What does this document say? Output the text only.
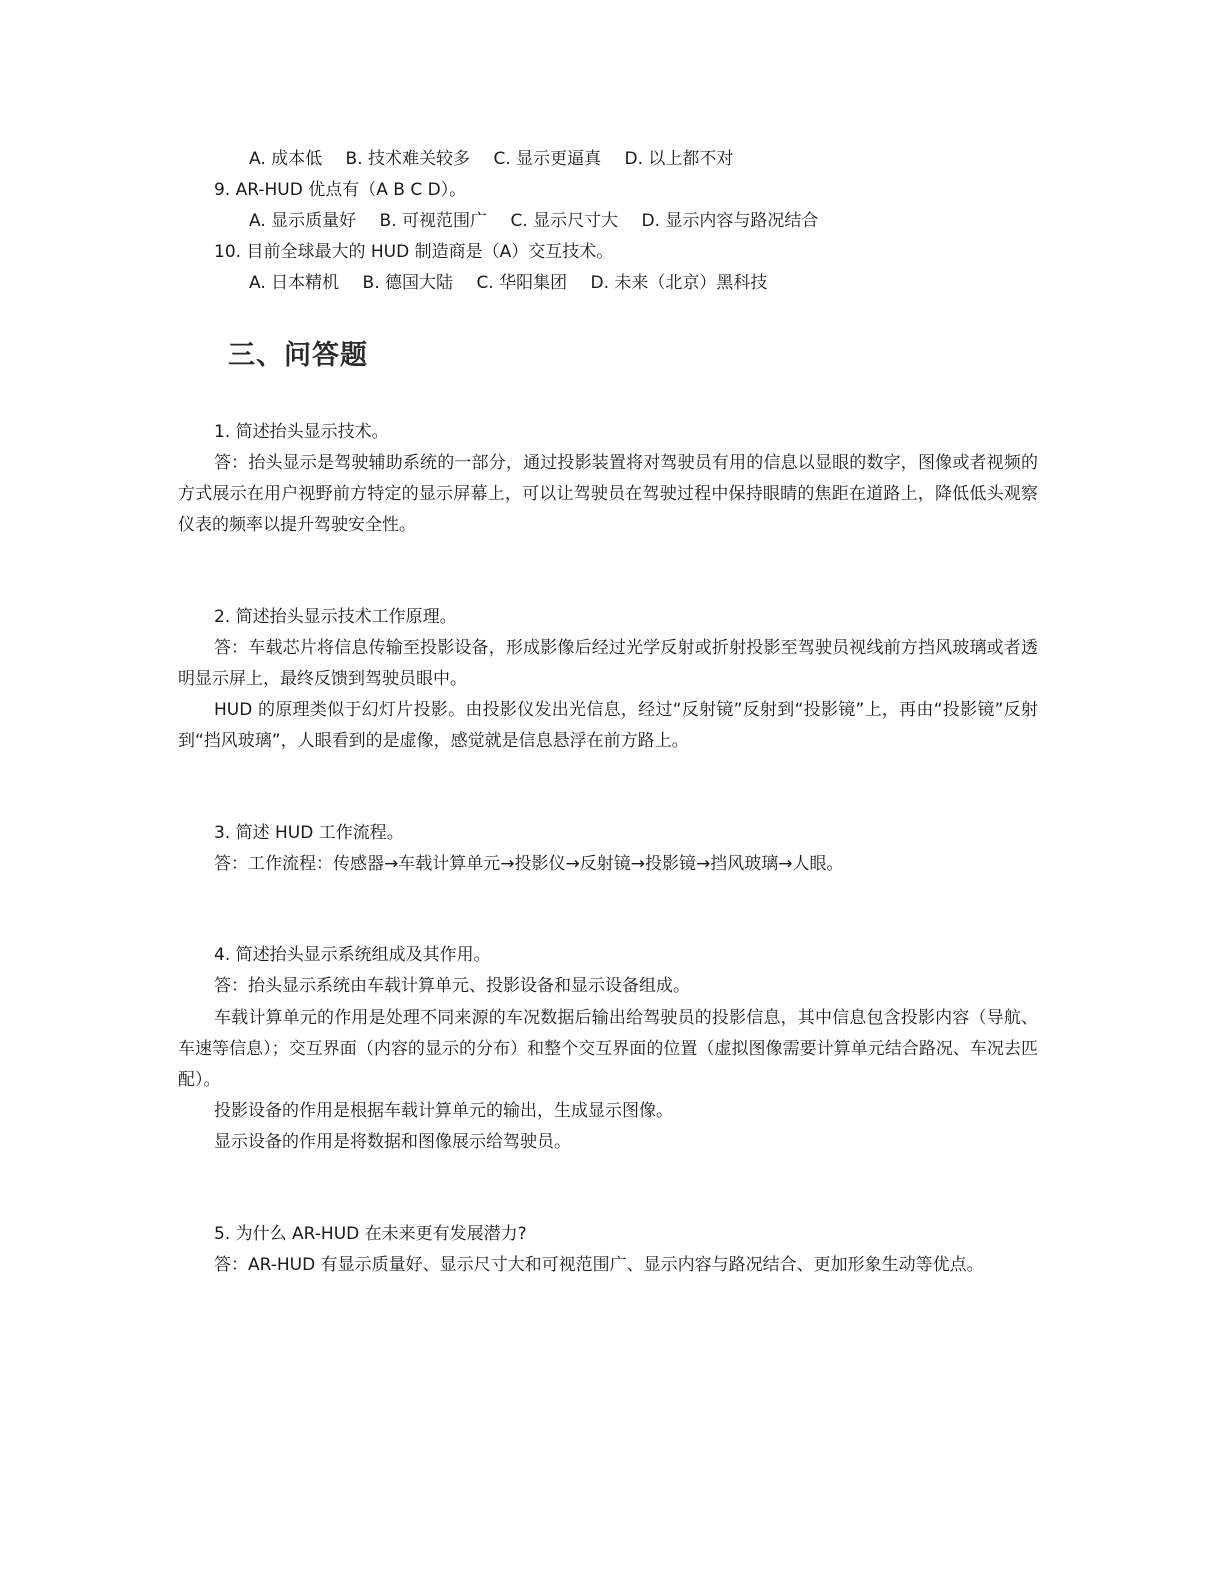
A. 成本低 B. 技术难关较多 C. 显示更逼真 D. 以上都不对
9. AR-HUD 优点有（A B C D）。
A. 显示质量好 B. 可视范围广 C. 显示尺寸大 D. 显示内容与路况结合
10. 目前全球最大的 HUD 制造商是（A）交互技术。
A. 日本精机 B. 德国大陆 C. 华阳集团 D. 未来（北京）黑科技
三、问答题
1. 简述抬头显示技术。
答：抬头显示是驾驶辅助系统的一部分，通过投影装置将对驾驶员有用的信息以显眼的数字，图像或者视频的方式展示在用户视野前方特定的显示屏幕上，可以让驾驶员在驾驶过程中保持眼睛的焦距在道路上，降低低头观察仪表的频率以提升驾驶安全性。
2. 简述抬头显示技术工作原理。
答：车载芯片将信息传输至投影设备，形成影像后经过光学反射或折射投影至驾驶员视线前方挡风玻璃或者透明显示屏上，最终反馈到驾驶员眼中。
HUD 的原理类似于幻灯片投影。由投影仪发出光信息，经过“反射镜”反射到“投影镜”上，再由“投影镜”反射到“挡风玻璃”，人眼看到的是虚像，感觉就是信息悬浮在前方路上。
3. 简述 HUD 工作流程。
答：工作流程：传感器→车载计算单元→投影仪→反射镜→投影镜→挡风玻璃→人眼。
4. 简述抬头显示系统组成及其作用。
答：抬头显示系统由车载计算单元、投影设备和显示设备组成。
车载计算单元的作用是处理不同来源的车况数据后输出给驾驶员的投影信息，其中信息包含投影内容（导航、车速等信息）；交互界面（内容的显示的分布）和整个交互界面的位置（虚拟图像需要计算单元结合路况、车况去匹配）。
投影设备的作用是根据车载计算单元的输出，生成显示图像。
显示设备的作用是将数据和图像展示给驾驶员。
5. 为什么 AR-HUD 在未来更有发展潜力?
答：AR-HUD 有显示质量好、显示尺寸大和可视范围广、显示内容与路况结合、更加形象生动等优点。
